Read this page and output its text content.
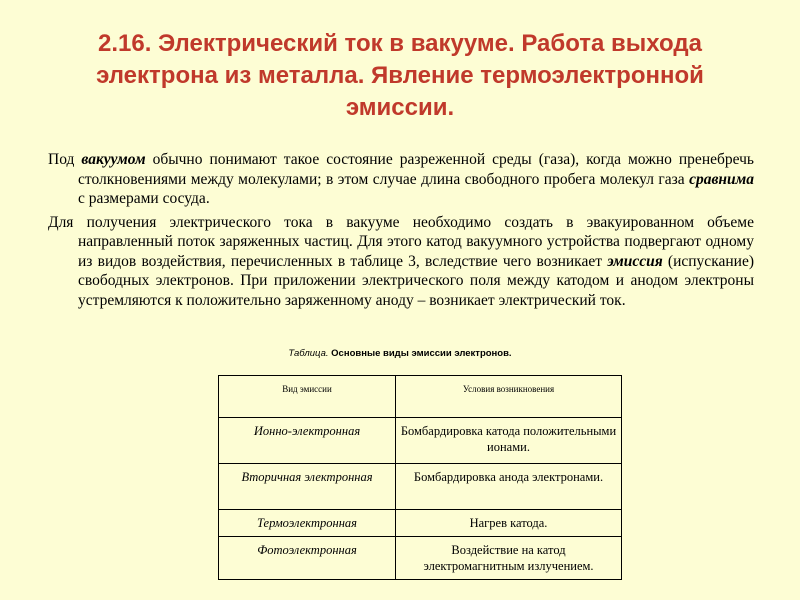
2.16. Электрический ток в вакууме. Работа выхода
электрона из металла. Явление термоэлектронной
эмиссии.

Под вакуумом обычно понимают такое состояние разреженной среды (газа), когда можно пренебречь столкновениями между молекулами; в этом случае длина свободного пробега молекул газа сравнима с размерами сосуда.

Для получения электрического тока в вакууме необходимо создать в эвакуированном объеме направленный поток заряженных частиц. Для этого катод вакуумного устройства подвергают одному из видов воздействия, перечисленных в таблице 3, вследствие чего возникает эмиссия (испускание) свободных электронов. При приложении электрического поля между катодом и анодом электроны устремляются к положительно заряженному аноду – возникает электрический ток.

Таблица. Основные виды эмиссии электронов.
Вид эмиссии	Условия возникновения
Ионно-электронная	Бомбардировка катода положительными ионами.
Вторичная электронная	Бомбардировка анода электронами.
Термоэлектронная	Нагрев катода.
Фотоэлектронная	Воздействие на катод электромагнитным излучением.
